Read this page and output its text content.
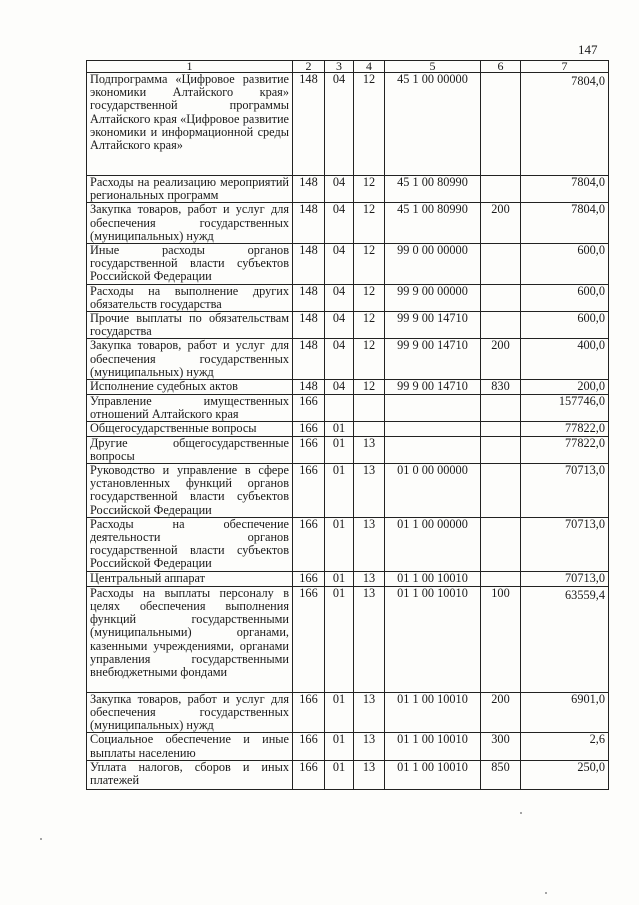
147
1	2	3	4	5	6	7
Подпрограмма «Цифровое развитие экономики Алтайского края» государственной программы Алтайского края «Цифровое развитие экономики и информационной среды Алтайского края»	148	04	12	45 1 00 00000		7804,0
Расходы на реализацию мероприятий региональных программ	148	04	12	45 1 00 80990		7804,0
Закупка товаров, работ и услуг для обеспечения государственных (муниципальных) нужд	148	04	12	45 1 00 80990	200	7804,0
Иные расходы органов государственной власти субъектов Российской Федерации	148	04	12	99 0 00 00000		600,0
Расходы на выполнение других обязательств государства	148	04	12	99 9 00 00000		600,0
Прочие выплаты по обязательствам государства	148	04	12	99 9 00 14710		600,0
Закупка товаров, работ и услуг для обеспечения государственных (муниципальных) нужд	148	04	12	99 9 00 14710	200	400,0
Исполнение судебных актов	148	04	12	99 9 00 14710	830	200,0
Управление имущественных отношений Алтайского края	166					157746,0
Общегосударственные вопросы	166	01				77822,0
Другие общегосударственные вопросы	166	01	13			77822,0
Руководство и управление в сфере установленных функций органов государственной власти субъектов Российской Федерации	166	01	13	01 0 00 00000		70713,0
Расходы на обеспечение деятельности органов государственной власти субъектов Российской Федерации	166	01	13	01 1 00 00000		70713,0
Центральный аппарат	166	01	13	01 1 00 10010		70713,0
Расходы на выплаты персоналу в целях обеспечения выполнения функций государственными (муниципальными) органами, казенными учреждениями, органами управления государственными внебюджетными фондами	166	01	13	01 1 00 10010	100	63559,4
Закупка товаров, работ и услуг для обеспечения государственных (муниципальных) нужд	166	01	13	01 1 00 10010	200	6901,0
Социальное обеспечение и иные выплаты населению	166	01	13	01 1 00 10010	300	2,6
Уплата налогов, сборов и иных платежей	166	01	13	01 1 00 10010	850	250,0
